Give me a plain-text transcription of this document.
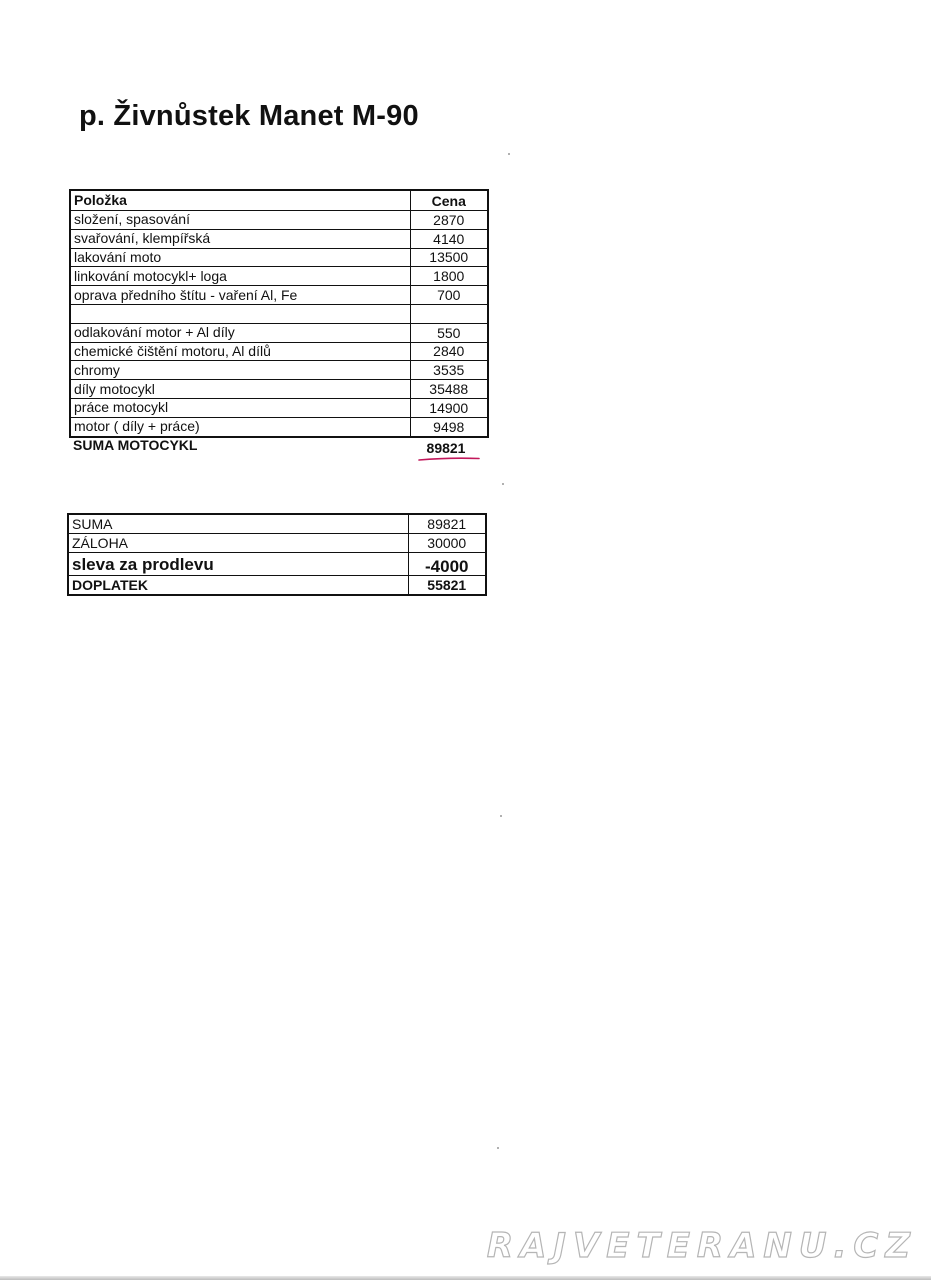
p. Živnůstek Manet M-90
Položka	Cena
složení, spasování	2870
svařování, klempířská	4140
lakování moto	13500
linkování motocykl+ loga	1800
oprava předního štítu - vaření Al, Fe	700

odlakování motor + Al díly	550
chemické čištění motoru, Al dílů	2840
chromy	3535
díly motocykl	35488
práce motocykl	14900
motor ( díly + práce)	9498
SUMA MOTOCYKL	89821
SUMA	89821
ZÁLOHA	30000
sleva za prodlevu	-4000
DOPLATEK	55821
RAJVETERANU.CZ
